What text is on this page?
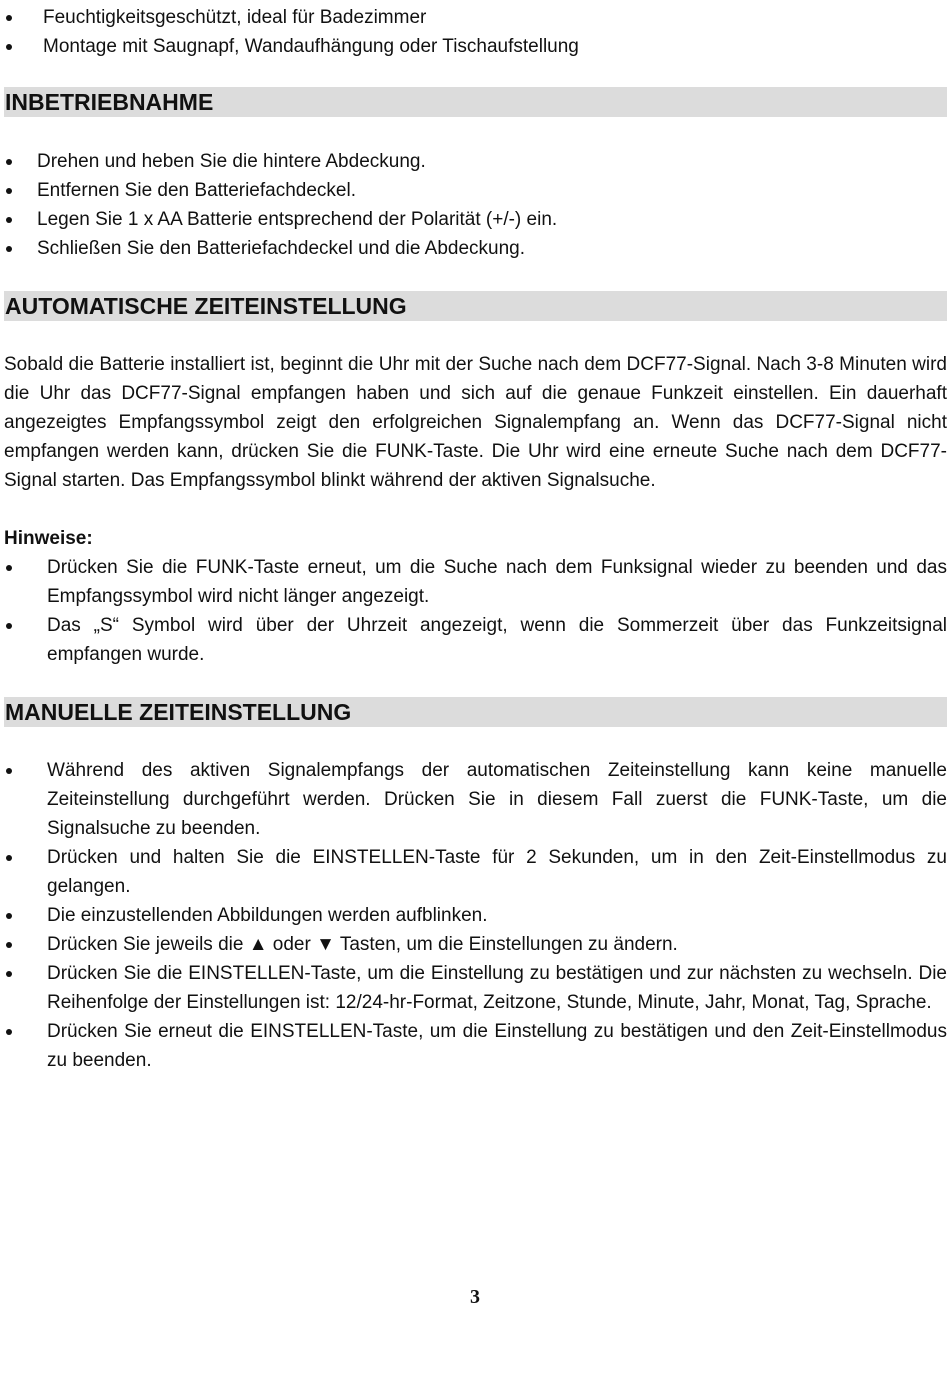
Feuchtigkeitsgeschützt, ideal für Badezimmer
Montage mit Saugnapf, Wandaufhängung oder Tischaufstellung
INBETRIEBNAHME
Drehen und heben Sie die hintere Abdeckung.
Entfernen Sie den Batteriefachdeckel.
Legen Sie 1 x AA Batterie entsprechend der Polarität (+/-) ein.
Schließen Sie den Batteriefachdeckel und die Abdeckung.
AUTOMATISCHE ZEITEINSTELLUNG

Sobald die Batterie installiert ist, beginnt die Uhr mit der Suche nach dem DCF77-Signal. Nach 3-8 Minuten wird die Uhr das DCF77-Signal empfangen haben und sich auf die genaue Funkzeit einstellen. Ein dauerhaft angezeigtes Empfangssymbol zeigt den erfolgreichen Signalempfang an. Wenn das DCF77-Signal nicht empfangen werden kann, drücken Sie die FUNK-Taste. Die Uhr wird eine erneute Suche nach dem DCF77-Signal starten. Das Empfangssymbol blinkt während der aktiven Signalsuche.

Hinweise:
Drücken Sie die FUNK-Taste erneut, um die Suche nach dem Funksignal wieder zu beenden und das Empfangssymbol wird nicht länger angezeigt.
Das „S“ Symbol wird über der Uhrzeit angezeigt, wenn die Sommerzeit über das Funkzeitsignal empfangen wurde.
MANUELLE ZEITEINSTELLUNG
Während des aktiven Signalempfangs der automatischen Zeiteinstellung kann keine manuelle Zeiteinstellung durchgeführt werden. Drücken Sie in diesem Fall zuerst die FUNK-Taste, um die Signalsuche zu beenden.
Drücken und halten Sie die EINSTELLEN-Taste für 2 Sekunden, um in den Zeit-Einstellmodus zu gelangen.
Die einzustellenden Abbildungen werden aufblinken.
Drücken Sie jeweils die ▲ oder ▼ Tasten, um die Einstellungen zu ändern.
Drücken Sie die EINSTELLEN-Taste, um die Einstellung zu bestätigen und zur nächsten zu wechseln. Die Reihenfolge der Einstellungen ist: 12/24-hr-Format, Zeitzone, Stunde, Minute, Jahr, Monat, Tag, Sprache.
Drücken Sie erneut die EINSTELLEN-Taste, um die Einstellung zu bestätigen und den Zeit-Einstellmodus zu beenden.
3
